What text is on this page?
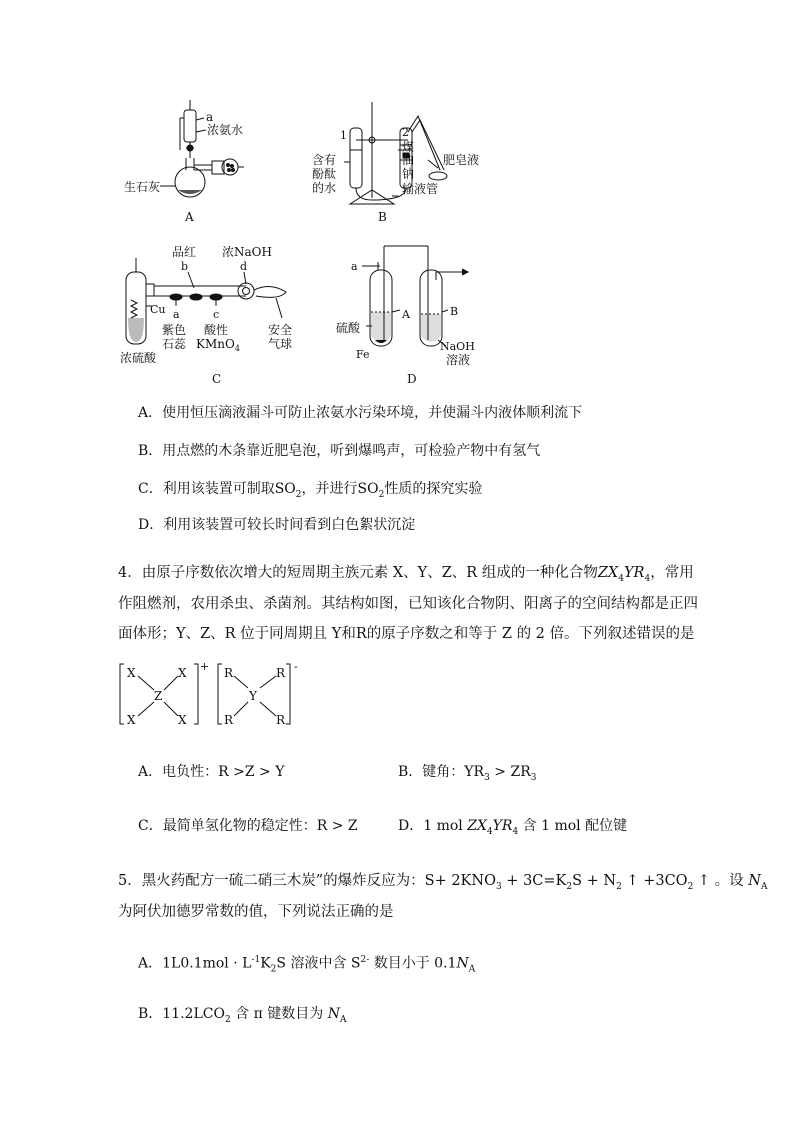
a
浓氨水
生石灰
A
1	2
含有
酚酞
的水
煤
油
钠
肥皂液
输液管
B
品红
b
浓NaOH
d
Cu a	c
紫色
石蕊
酸性
KMnO$_4$
安全
气球
浓硫酸
C
a
A	B
硫酸
Fe
NaOH
溶液
D
A．使用恒压滴液漏斗可防止浓氨水污染环境，并使漏斗内液体顺利流下
B．用点燃的木条靠近肥皂泡，听到爆鸣声，可检验产物中有氢气
C．利用该装置可制取$SO_2$，并进行$SO_2$性质的探究实验
D．利用该装置可较长时间看到白色絮状沉淀
4．由原子序数依次增大的短周期主族元素 X、Y、Z、R 组成的一种化合物$ZX_4YR_4$，常用
作阻燃剂，农用杀虫、杀菌剂。其结构如图，已知该化合物阴、阳离子的空间结构都是正四
面体形；Y、Z、R 位于同周期且 Y和R的原子序数之和等于 Z 的 2 倍。下列叙述错误的是
X	X
Z
X	X
+ R	R
Y
R	R
-
A．电负性：R >Z > Y	B．键角：$YR_3 > ZR_3$
C．最简单氢化物的稳定性：R > Z	D．1 mol $ZX_4YR_4$ 含 1 mol 配位键
5．黑火药配方一硫二硝三木炭”的爆炸反应为：$S+ 2KNO_3 + 3C=K_2S + N_2$ ↑ $+3CO_2$ ↑ 。设 $N_A$
为阿伏加德罗常数的值，下列说法正确的是
A．$1L0.1mol \cdot L^{-1}K_2S$ 溶液中含 $S^{2-}$ 数目小于 $0.1N_A$
B．$11.2LCO_2$ 含 π 键数目为 $N_A$
